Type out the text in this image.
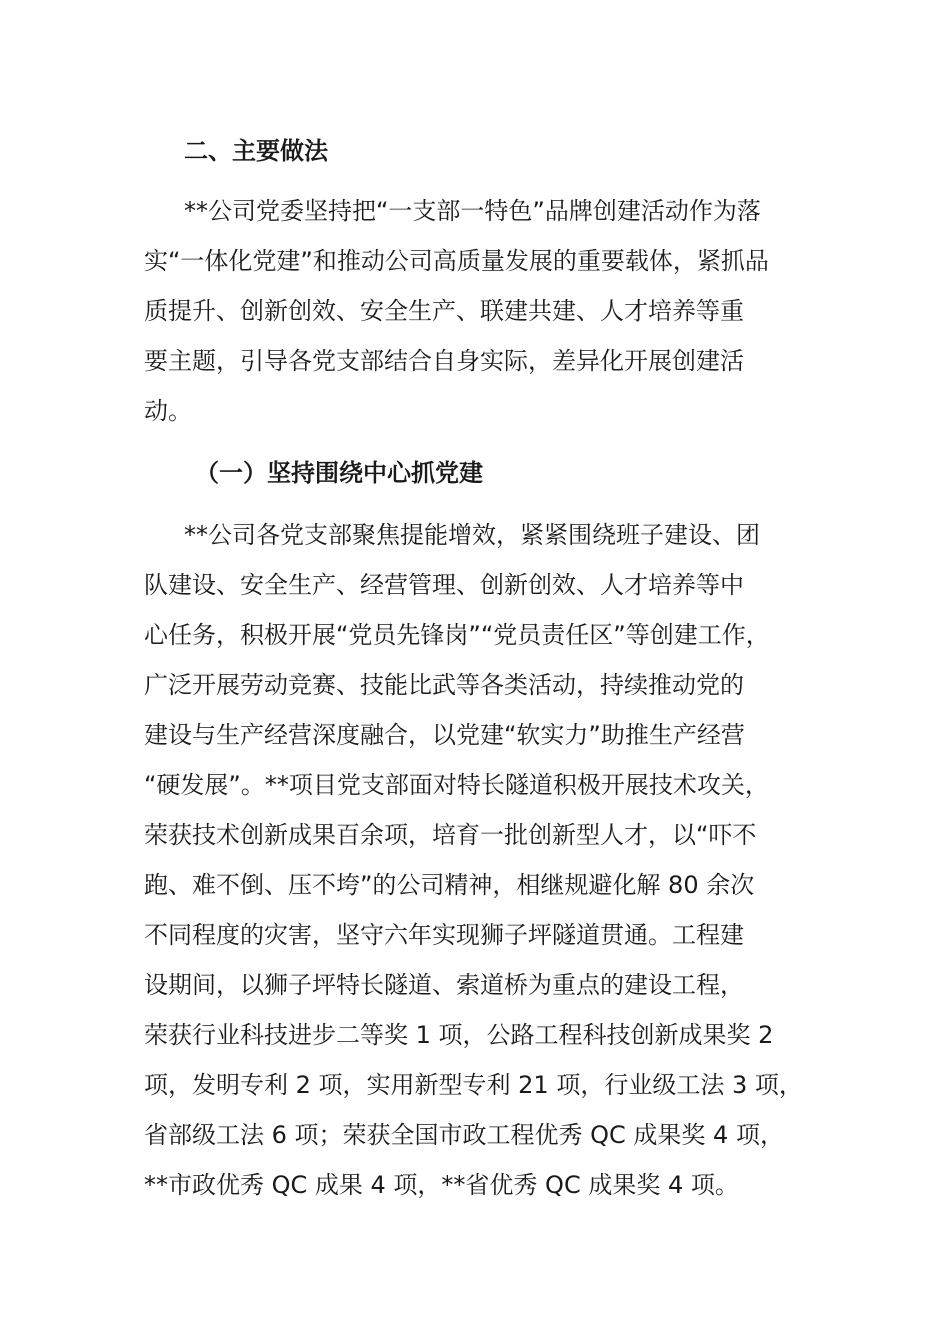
二、主要做法
**公司党委坚持把“一支部一特色”品牌创建活动作为落
实“一体化党建”和推动公司高质量发展的重要载体，紧抓品
质提升、创新创效、安全生产、联建共建、人才培养等重
要主题，引导各党支部结合自身实际，差异化开展创建活
动。
（一）坚持围绕中心抓党建
**公司各党支部聚焦提能增效，紧紧围绕班子建设、团
队建设、安全生产、经营管理、创新创效、人才培养等中
心任务，积极开展“党员先锋岗”“党员责任区”等创建工作，
广泛开展劳动竞赛、技能比武等各类活动，持续推动党的
建设与生产经营深度融合，以党建“软实力”助推生产经营
“硬发展”。**项目党支部面对特长隧道积极开展技术攻关，
荣获技术创新成果百余项，培育一批创新型人才，以“吓不
跑、难不倒、压不垮”的公司精神，相继规避化解 80 余次
不同程度的灾害，坚守六年实现狮子坪隧道贯通。工程建
设期间，以狮子坪特长隧道、索道桥为重点的建设工程，
荣获行业科技进步二等奖 1 项，公路工程科技创新成果奖 2
项，发明专利 2 项，实用新型专利 21 项，行业级工法 3 项，
省部级工法 6 项；荣获全国市政工程优秀 QC 成果奖 4 项，
**市政优秀 QC 成果 4 项，**省优秀 QC 成果奖 4 项。
